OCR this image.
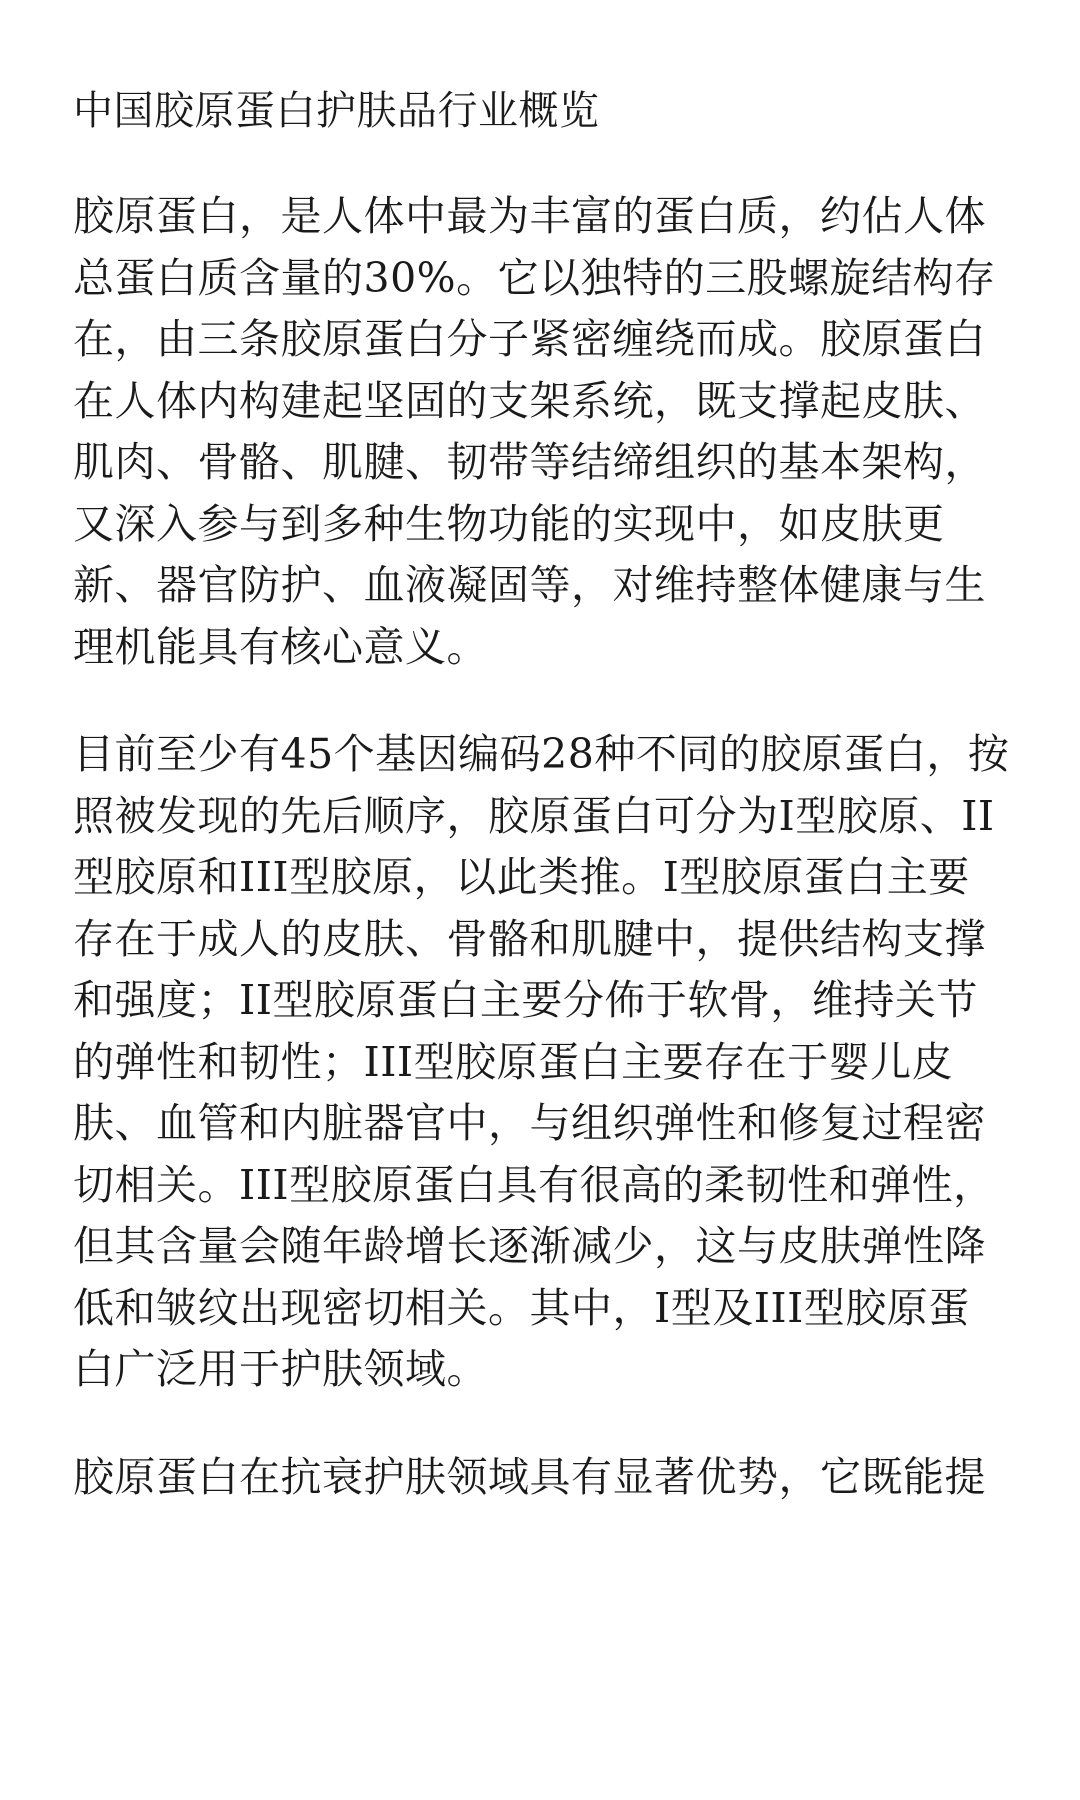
中国胶原蛋白护肤品行业概览
胶原蛋白，是人体中最为丰富的蛋白质，约佔人体
总蛋白质含量的30%。它以独特的三股螺旋结构存
在，由三条胶原蛋白分子紧密缠绕而成。胶原蛋白
在人体内构建起坚固的支架系统，既支撑起皮肤、
肌肉、骨骼、肌腱、韧带等结缔组织的基本架构，
又深入参与到多种生物功能的实现中，如皮肤更
新、器官防护、血液凝固等，对维持整体健康与生
理机能具有核心意义。
目前至少有45个基因编码28种不同的胶原蛋白，按
照被发现的先后顺序，胶原蛋白可分为I型胶原、II
型胶原和III型胶原，以此类推。I型胶原蛋白主要
存在于成人的皮肤、骨骼和肌腱中，提供结构支撑
和强度；II型胶原蛋白主要分佈于软骨，维持关节
的弹性和韧性；III型胶原蛋白主要存在于婴儿皮
肤、血管和内脏器官中，与组织弹性和修复过程密
切相关。III型胶原蛋白具有很高的柔韧性和弹性，
但其含量会随年龄增长逐渐减少，这与皮肤弹性降
低和皱纹出现密切相关。其中，I型及III型胶原蛋
白广泛用于护肤领域。
胶原蛋白在抗衰护肤领域具有显著优势，它既能提
